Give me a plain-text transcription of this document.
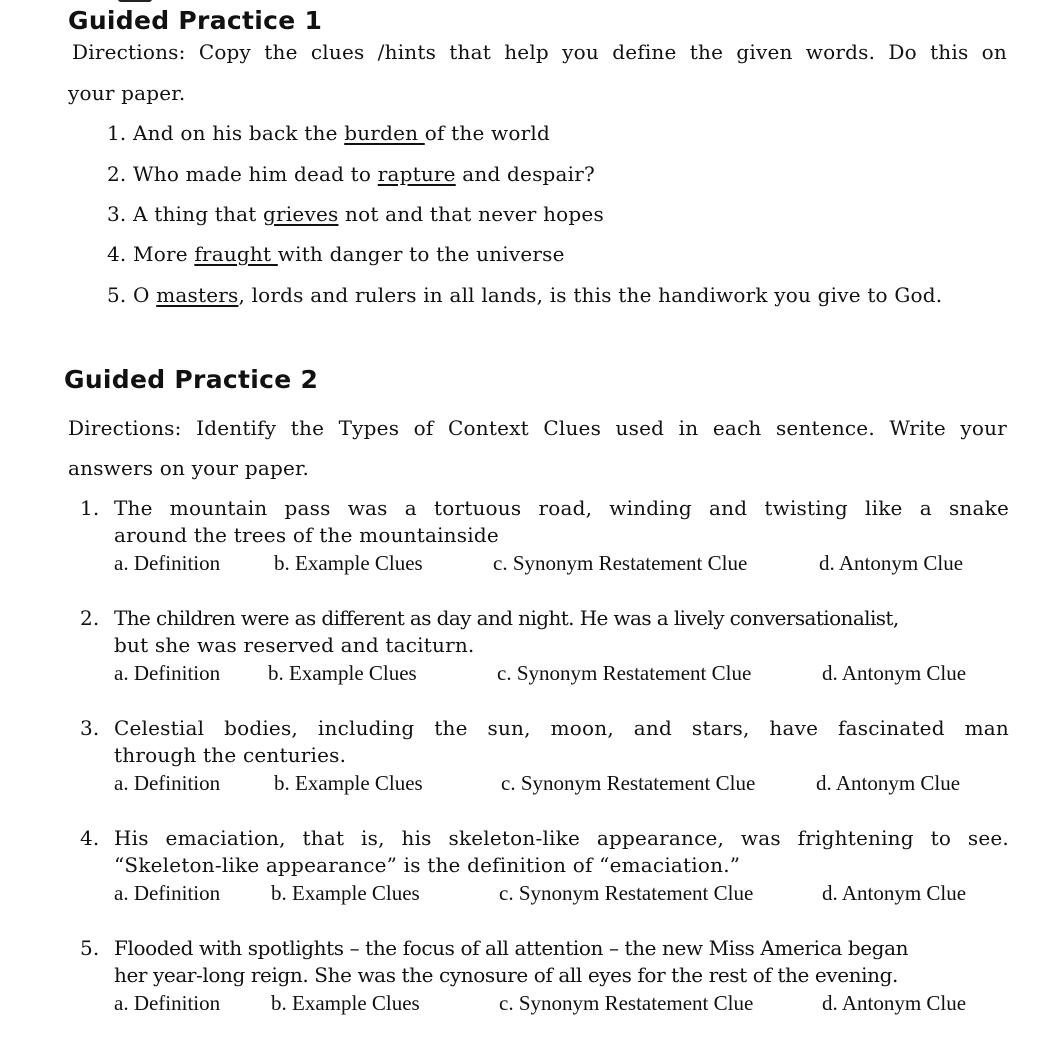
Guided Practice 1
Directions: Copy the clues /hints that help you define the given words. Do this on
your paper.
1. And on his back the burden of the world
2. Who made him dead to rapture and despair?
3. A thing that grieves not and that never hopes
4. More fraught with danger to the universe
5. O masters, lords and rulers in all lands, is this the handiwork you give to God.
Guided Practice 2
Directions: Identify the Types of Context Clues used in each sentence. Write your
answers on your paper.
1. The mountain pass was a tortuous road, winding and twisting like a snake
around the trees of the mountainside
a. Definition	b. Example Clues	c. Synonym Restatement Clue	d. Antonym Clue
2. The children were as different as day and night. He was a lively conversationalist,
but she was reserved and taciturn.
a. Definition b. Example Clues	c. Synonym Restatement Clue	d. Antonym Clue
3. Celestial bodies, including the sun, moon, and stars, have fascinated man
through the centuries.
a. Definition	b. Example Clues	c. Synonym Restatement Clue	d. Antonym Clue
4. His emaciation, that is, his skeleton-like appearance, was frightening to see.
“Skeleton-like appearance” is the definition of “emaciation.”
a. Definition b. Example Clues	c. Synonym Restatement Clue	d. Antonym Clue
5. Flooded with spotlights – the focus of all attention – the new Miss America began
her year-long reign. She was the cynosure of all eyes for the rest of the evening.
a. Definition b. Example Clues	c. Synonym Restatement Clue	d. Antonym Clue
